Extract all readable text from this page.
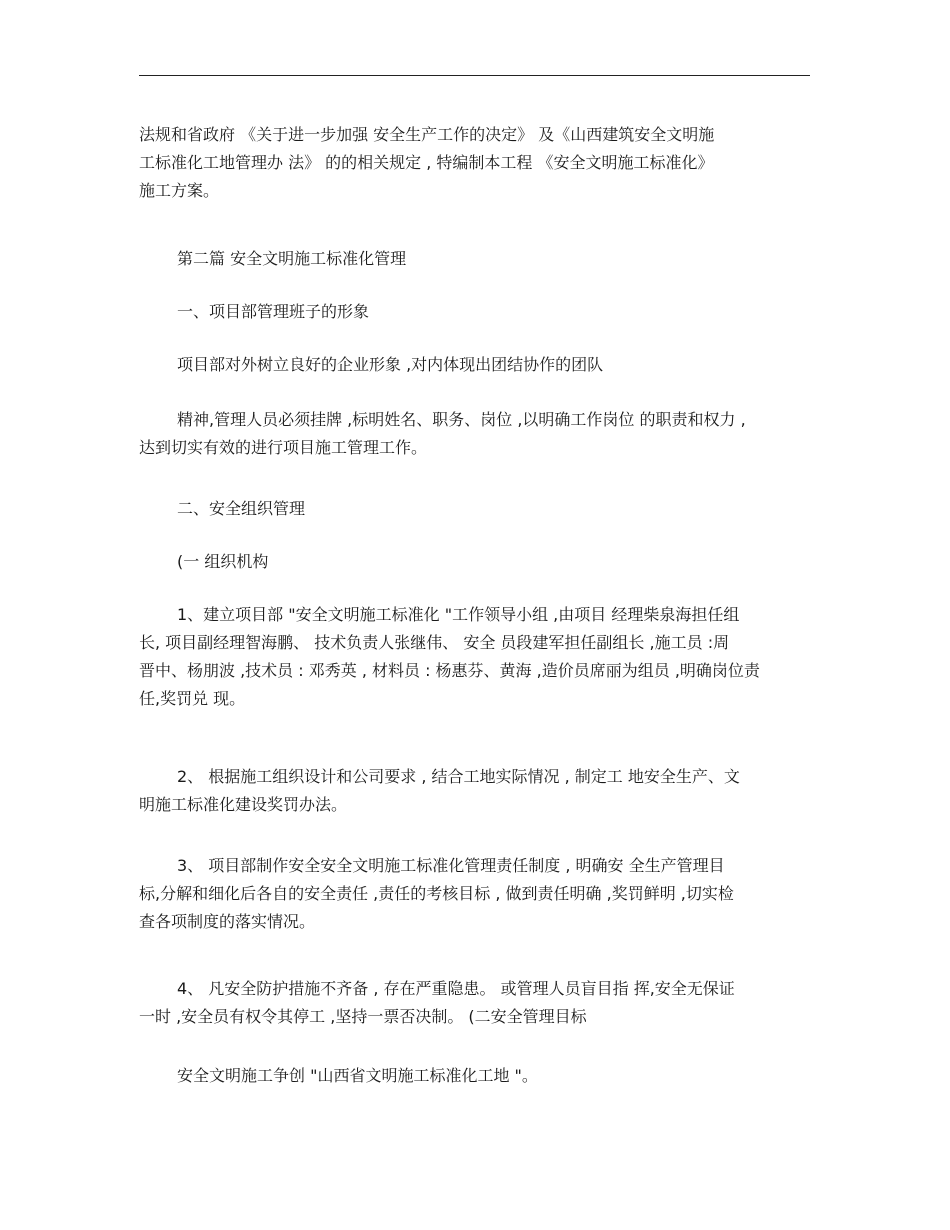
法规和省政府 《关于进一步加强 安全生产工作的决定》 及《山西建筑安全文明施
工标准化工地管理办 法》 的的相关规定 , 特编制本工程 《安全文明施工标准化》
施工方案。

第二篇 安全文明施工标准化管理

一、项目部管理班子的形象

项目部对外树立良好的企业形象 ,对内体现出团结协作的团队

精神,管理人员必须挂牌 ,标明姓名、职务、岗位 ,以明确工作岗位 的职责和权力 ,
达到切实有效的进行项目施工管理工作。

二、安全组织管理

(一 组织机构

1、建立项目部 "安全文明施工标准化 "工作领导小组 ,由项目 经理柴泉海担任组
长, 项目副经理智海鹏、 技术负责人张继伟、 安全 员段建军担任副组长 ,施工员 :周
晋中、杨朋波 ,技术员 : 邓秀英 , 材料员 : 杨惠芬、黄海 ,造价员席丽为组员 ,明确岗位责
任,奖罚兑 现。

2、 根据施工组织设计和公司要求 , 结合工地实际情况 , 制定工 地安全生产、文
明施工标准化建设奖罚办法。

3、 项目部制作安全安全文明施工标准化管理责任制度 , 明确安 全生产管理目
标,分解和细化后各自的安全责任 ,责任的考核目标 , 做到责任明确 ,奖罚鲜明 ,切实检
查各项制度的落实情况。

4、 凡安全防护措施不齐备 , 存在严重隐患。 或管理人员盲目指 挥,安全无保证
一时 ,安全员有权令其停工 ,坚持一票否决制。 (二安全管理目标

安全文明施工争创 "山西省文明施工标准化工地 "。
